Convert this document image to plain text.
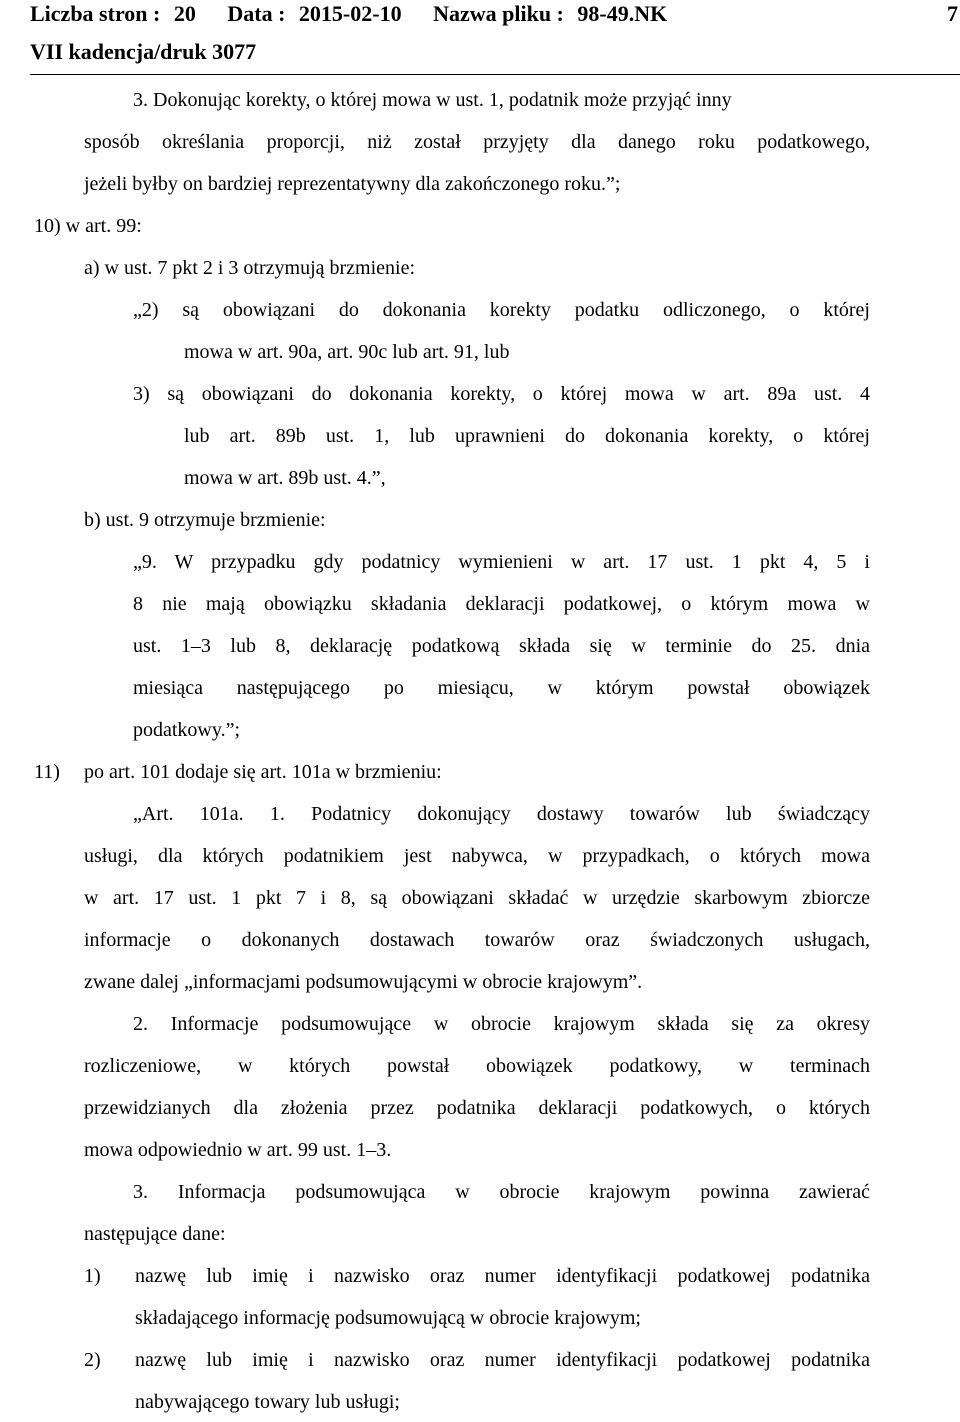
Liczba stron : 20 Data : 2015-02-10 Nazwa pliku : 98-49.NK
VII kadencja/druk 3077
7
3. Dokonując korekty, o której mowa w ust. 1, podatnik może przyjąć inny
sposób określania proporcji, niż został przyjęty dla danego roku podatkowego,
jeżeli byłby on bardziej reprezentatywny dla zakończonego roku.”;
10) w art. 99:
a) w ust. 7 pkt 2 i 3 otrzymują brzmienie:
„2) są obowiązani do dokonania korekty podatku odliczonego, o której
mowa w art. 90a, art. 90c lub art. 91, lub
3) są obowiązani do dokonania korekty, o której mowa w art. 89a ust. 4
lub art. 89b ust. 1, lub uprawnieni do dokonania korekty, o której
mowa w art. 89b ust. 4.”,
b) ust. 9 otrzymuje brzmienie:
„9. W przypadku gdy podatnicy wymienieni w art. 17 ust. 1 pkt 4, 5 i
8 nie mają obowiązku składania deklaracji podatkowej, o którym mowa w
ust. 1–3 lub 8, deklarację podatkową składa się w terminie do 25. dnia
miesiąca następującego po miesiącu, w którym powstał obowiązek
podatkowy.”;
11) po art. 101 dodaje się art. 101a w brzmieniu:
„Art. 101a. 1. Podatnicy dokonujący dostawy towarów lub świadczący
usługi, dla których podatnikiem jest nabywca, w przypadkach, o których mowa
w art. 17 ust. 1 pkt 7 i 8, są obowiązani składać w urzędzie skarbowym zbiorcze
informacje o dokonanych dostawach towarów oraz świadczonych usługach,
zwane dalej „informacjami podsumowującymi w obrocie krajowym”.
2. Informacje podsumowujące w obrocie krajowym składa się za okresy
rozliczeniowe, w których powstał obowiązek podatkowy, w terminach
przewidzianych dla złożenia przez podatnika deklaracji podatkowych, o których
mowa odpowiednio w art. 99 ust. 1–3.
3. Informacja podsumowująca w obrocie krajowym powinna zawierać
następujące dane:
1) nazwę lub imię i nazwisko oraz numer identyfikacji podatkowej podatnika
składającego informację podsumowującą w obrocie krajowym;
2) nazwę lub imię i nazwisko oraz numer identyfikacji podatkowej podatnika
nabywającego towary lub usługi;
